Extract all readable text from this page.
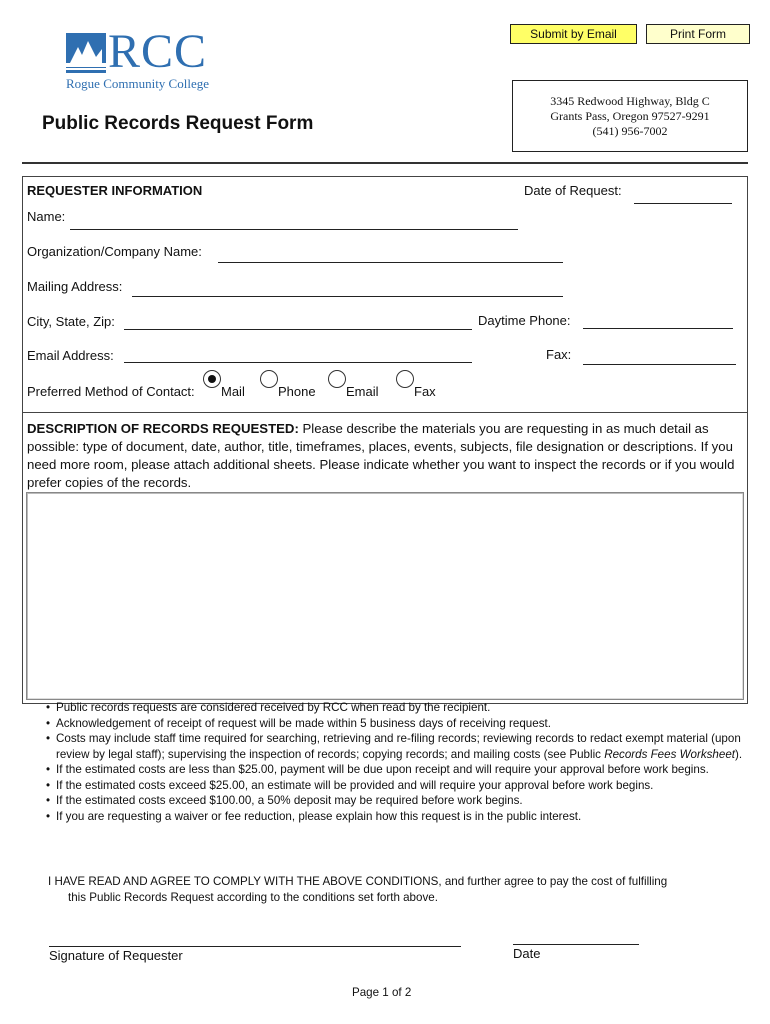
Submit by Email	Print Form
RCC
Rogue Community College
3345 Redwood Highway, Bldg C
Grants Pass, Oregon 97527-9291
(541) 956-7002
Public Records Request Form
REQUESTER INFORMATION	Date of Request:
Name:
Organization/Company Name:
Mailing Address:
City, State, Zip:	Daytime Phone:
Email Address:	Fax:
Preferred Method of Contact: Mail	Phone Email	Fax
DESCRIPTION OF RECORDS REQUESTED: Please describe the materials you are requesting in as much detail as possible: type of document, date, author, title, timeframes, places, events, subjects, file designation or descriptions. If you need more room, please attach additional sheets. Please indicate whether you want to inspect the records or if you would prefer copies of the records.
• Public records requests are considered received by RCC when read by the recipient.
• Acknowledgement of receipt of request will be made within 5 business days of receiving request.
• Costs may include staff time required for searching, retrieving and re-filing records; reviewing records to redact exempt material (upon review by legal staff); supervising the inspection of records; copying records; and mailing costs (see Public Records Fees Worksheet).
• If the estimated costs are less than $25.00, payment will be due upon receipt and will require your approval before work begins.
• If the estimated costs exceed $25.00, an estimate will be provided and will require your approval before work begins.
• If the estimated costs exceed $100.00, a 50% deposit may be required before work begins.
• If you are requesting a waiver or fee reduction, please explain how this request is in the public interest.
I HAVE READ AND AGREE TO COMPLY WITH THE ABOVE CONDITIONS, and further agree to pay the cost of fulfilling
this Public Records Request according to the conditions set forth above.
Signature of Requester	Date
Page 1 of 2
